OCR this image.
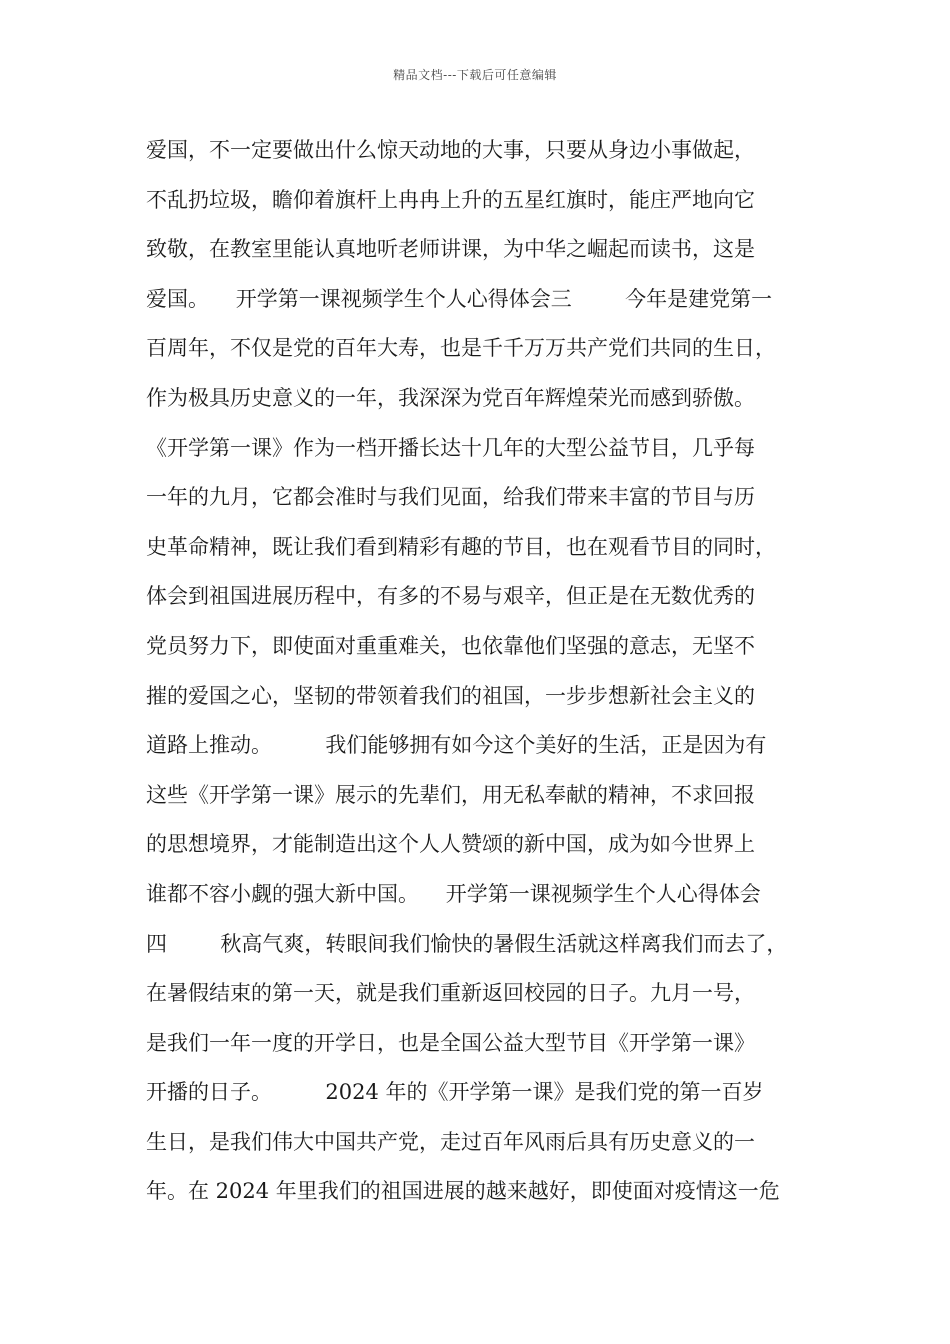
精品文档---下载后可任意编辑
爱国，不一定要做出什么惊天动地的大事，只要从身边小事做起，
不乱扔垃圾，瞻仰着旗杆上冉冉上升的五星红旗时，能庄严地向它
致敬，在教室里能认真地听老师讲课，为中华之崛起而读书，这是
爱国。    开学第一课视频学生个人心得体会三        今年是建党第一
百周年，不仅是党的百年大寿，也是千千万万共产党们共同的生日，
作为极具历史意义的一年，我深深为党百年辉煌荣光而感到骄傲。
《开学第一课》作为一档开播长达十几年的大型公益节目，几乎每
一年的九月，它都会准时与我们见面，给我们带来丰富的节目与历
史革命精神，既让我们看到精彩有趣的节目，也在观看节目的同时，
体会到祖国进展历程中，有多的不易与艰辛，但正是在无数优秀的
党员努力下，即使面对重重难关，也依靠他们坚强的意志，无坚不
摧的爱国之心，坚韧的带领着我们的祖国，一步步想新社会主义的
道路上推动。        我们能够拥有如今这个美好的生活，正是因为有
这些《开学第一课》展示的先辈们，用无私奉献的精神，不求回报
的思想境界，才能制造出这个人人赞颂的新中国，成为如今世界上
谁都不容小觑的强大新中国。    开学第一课视频学生个人心得体会
四        秋高气爽，转眼间我们愉快的暑假生活就这样离我们而去了，
在暑假结束的第一天，就是我们重新返回校园的日子。九月一号，
是我们一年一度的开学日，也是全国公益大型节目《开学第一课》
开播的日子。        2024 年的《开学第一课》是我们党的第一百岁
生日，是我们伟大中国共产党，走过百年风雨后具有历史意义的一
年。在 2024 年里我们的祖国进展的越来越好，即使面对疫情这一危
